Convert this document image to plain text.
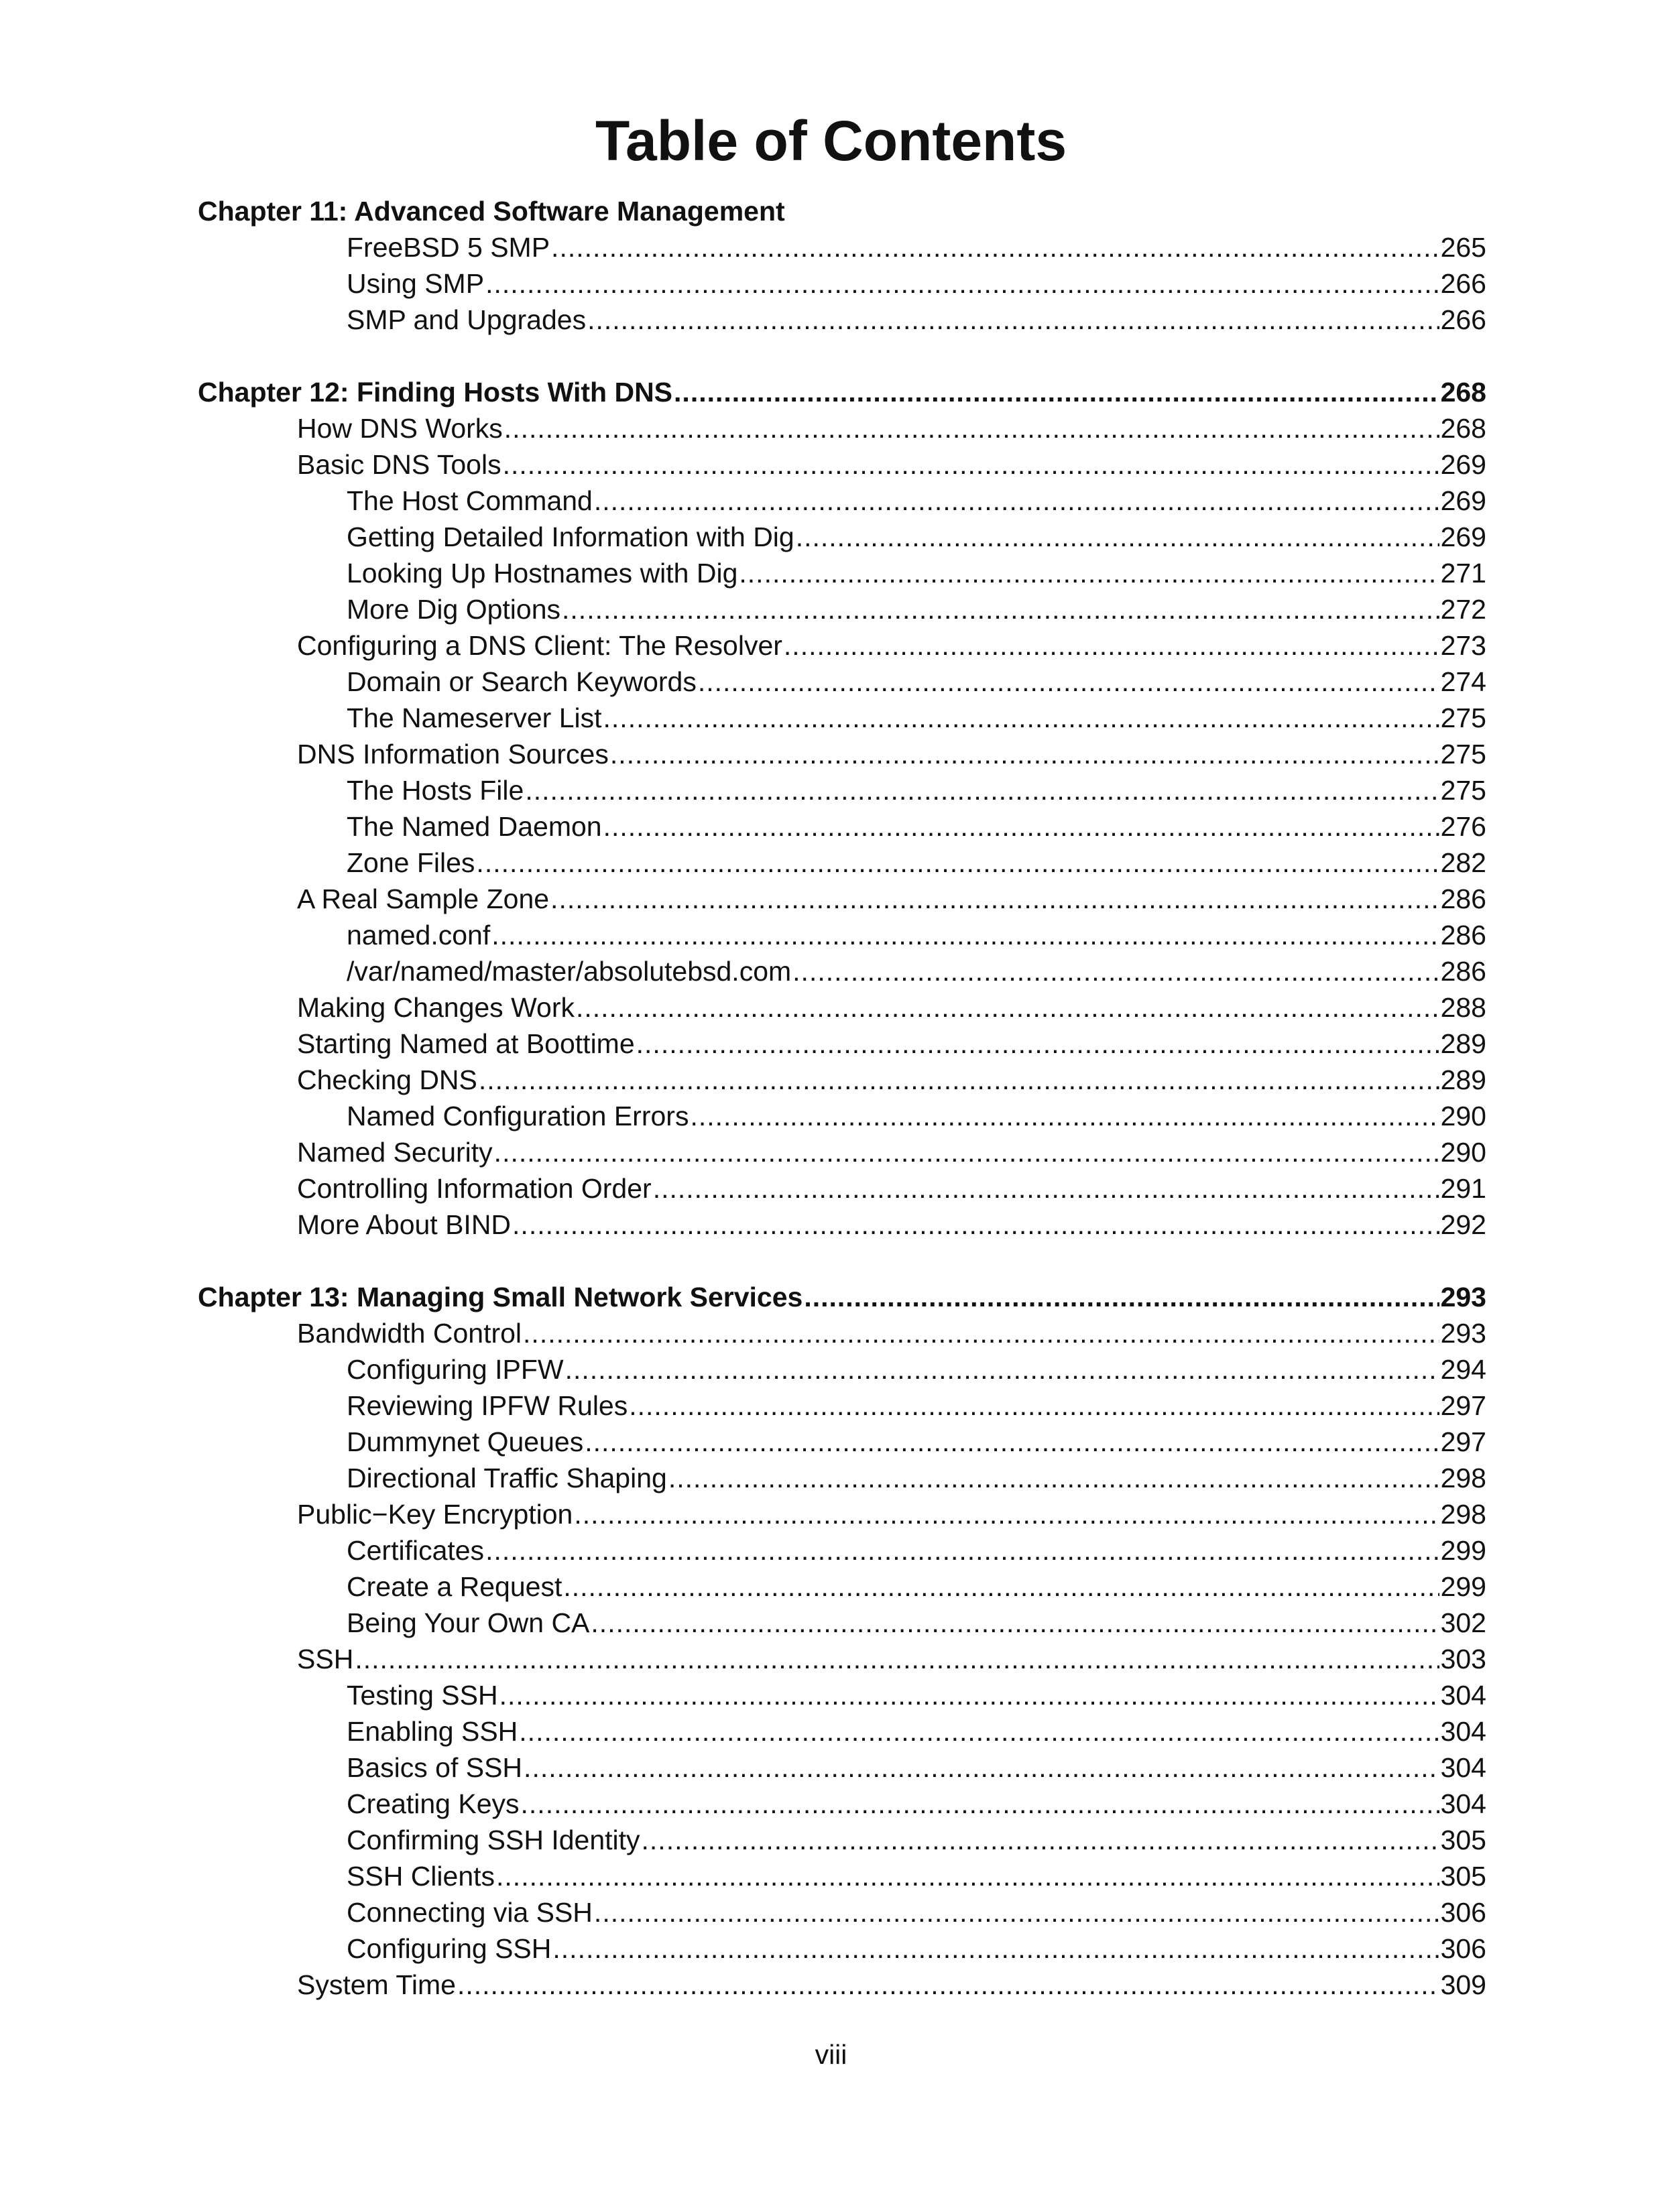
Table of Contents
Chapter 11: Advanced Software Management
FreeBSD 5 SMP .....	265
Using SMP .....	266
SMP and Upgrades .....	266
Chapter 12: Finding Hosts With DNS .....	268
How DNS Works .....	268
Basic DNS Tools .....	269
The Host Command .....	269
Getting Detailed Information with Dig .....	269
Looking Up Hostnames with Dig .....	271
More Dig Options .....	272
Configuring a DNS Client: The Resolver .....	273
Domain or Search Keywords .....	274
The Nameserver List .....	275
DNS Information Sources .....	275
The Hosts File .....	275
The Named Daemon .....	276
Zone Files .....	282
A Real Sample Zone .....	286
named.conf .....	286
/var/named/master/absolutebsd.com .....	286
Making Changes Work .....	288
Starting Named at Boottime .....	289
Checking DNS .....	289
Named Configuration Errors .....	290
Named Security .....	290
Controlling Information Order .....	291
More About BIND .....	292
Chapter 13: Managing Small Network Services .....	293
Bandwidth Control .....	293
Configuring IPFW .....	294
Reviewing IPFW Rules .....	297
Dummynet Queues .....	297
Directional Traffic Shaping .....	298
Public−Key Encryption .....	298
Certificates .....	299
Create a Request .....	299
Being Your Own CA .....	302
SSH .....	303
Testing SSH .....	304
Enabling SSH .....	304
Basics of SSH .....	304
Creating Keys .....	304
Confirming SSH Identity .....	305
SSH Clients .....	305
Connecting via SSH .....	306
Configuring SSH .....	306
System Time .....	309
viii
